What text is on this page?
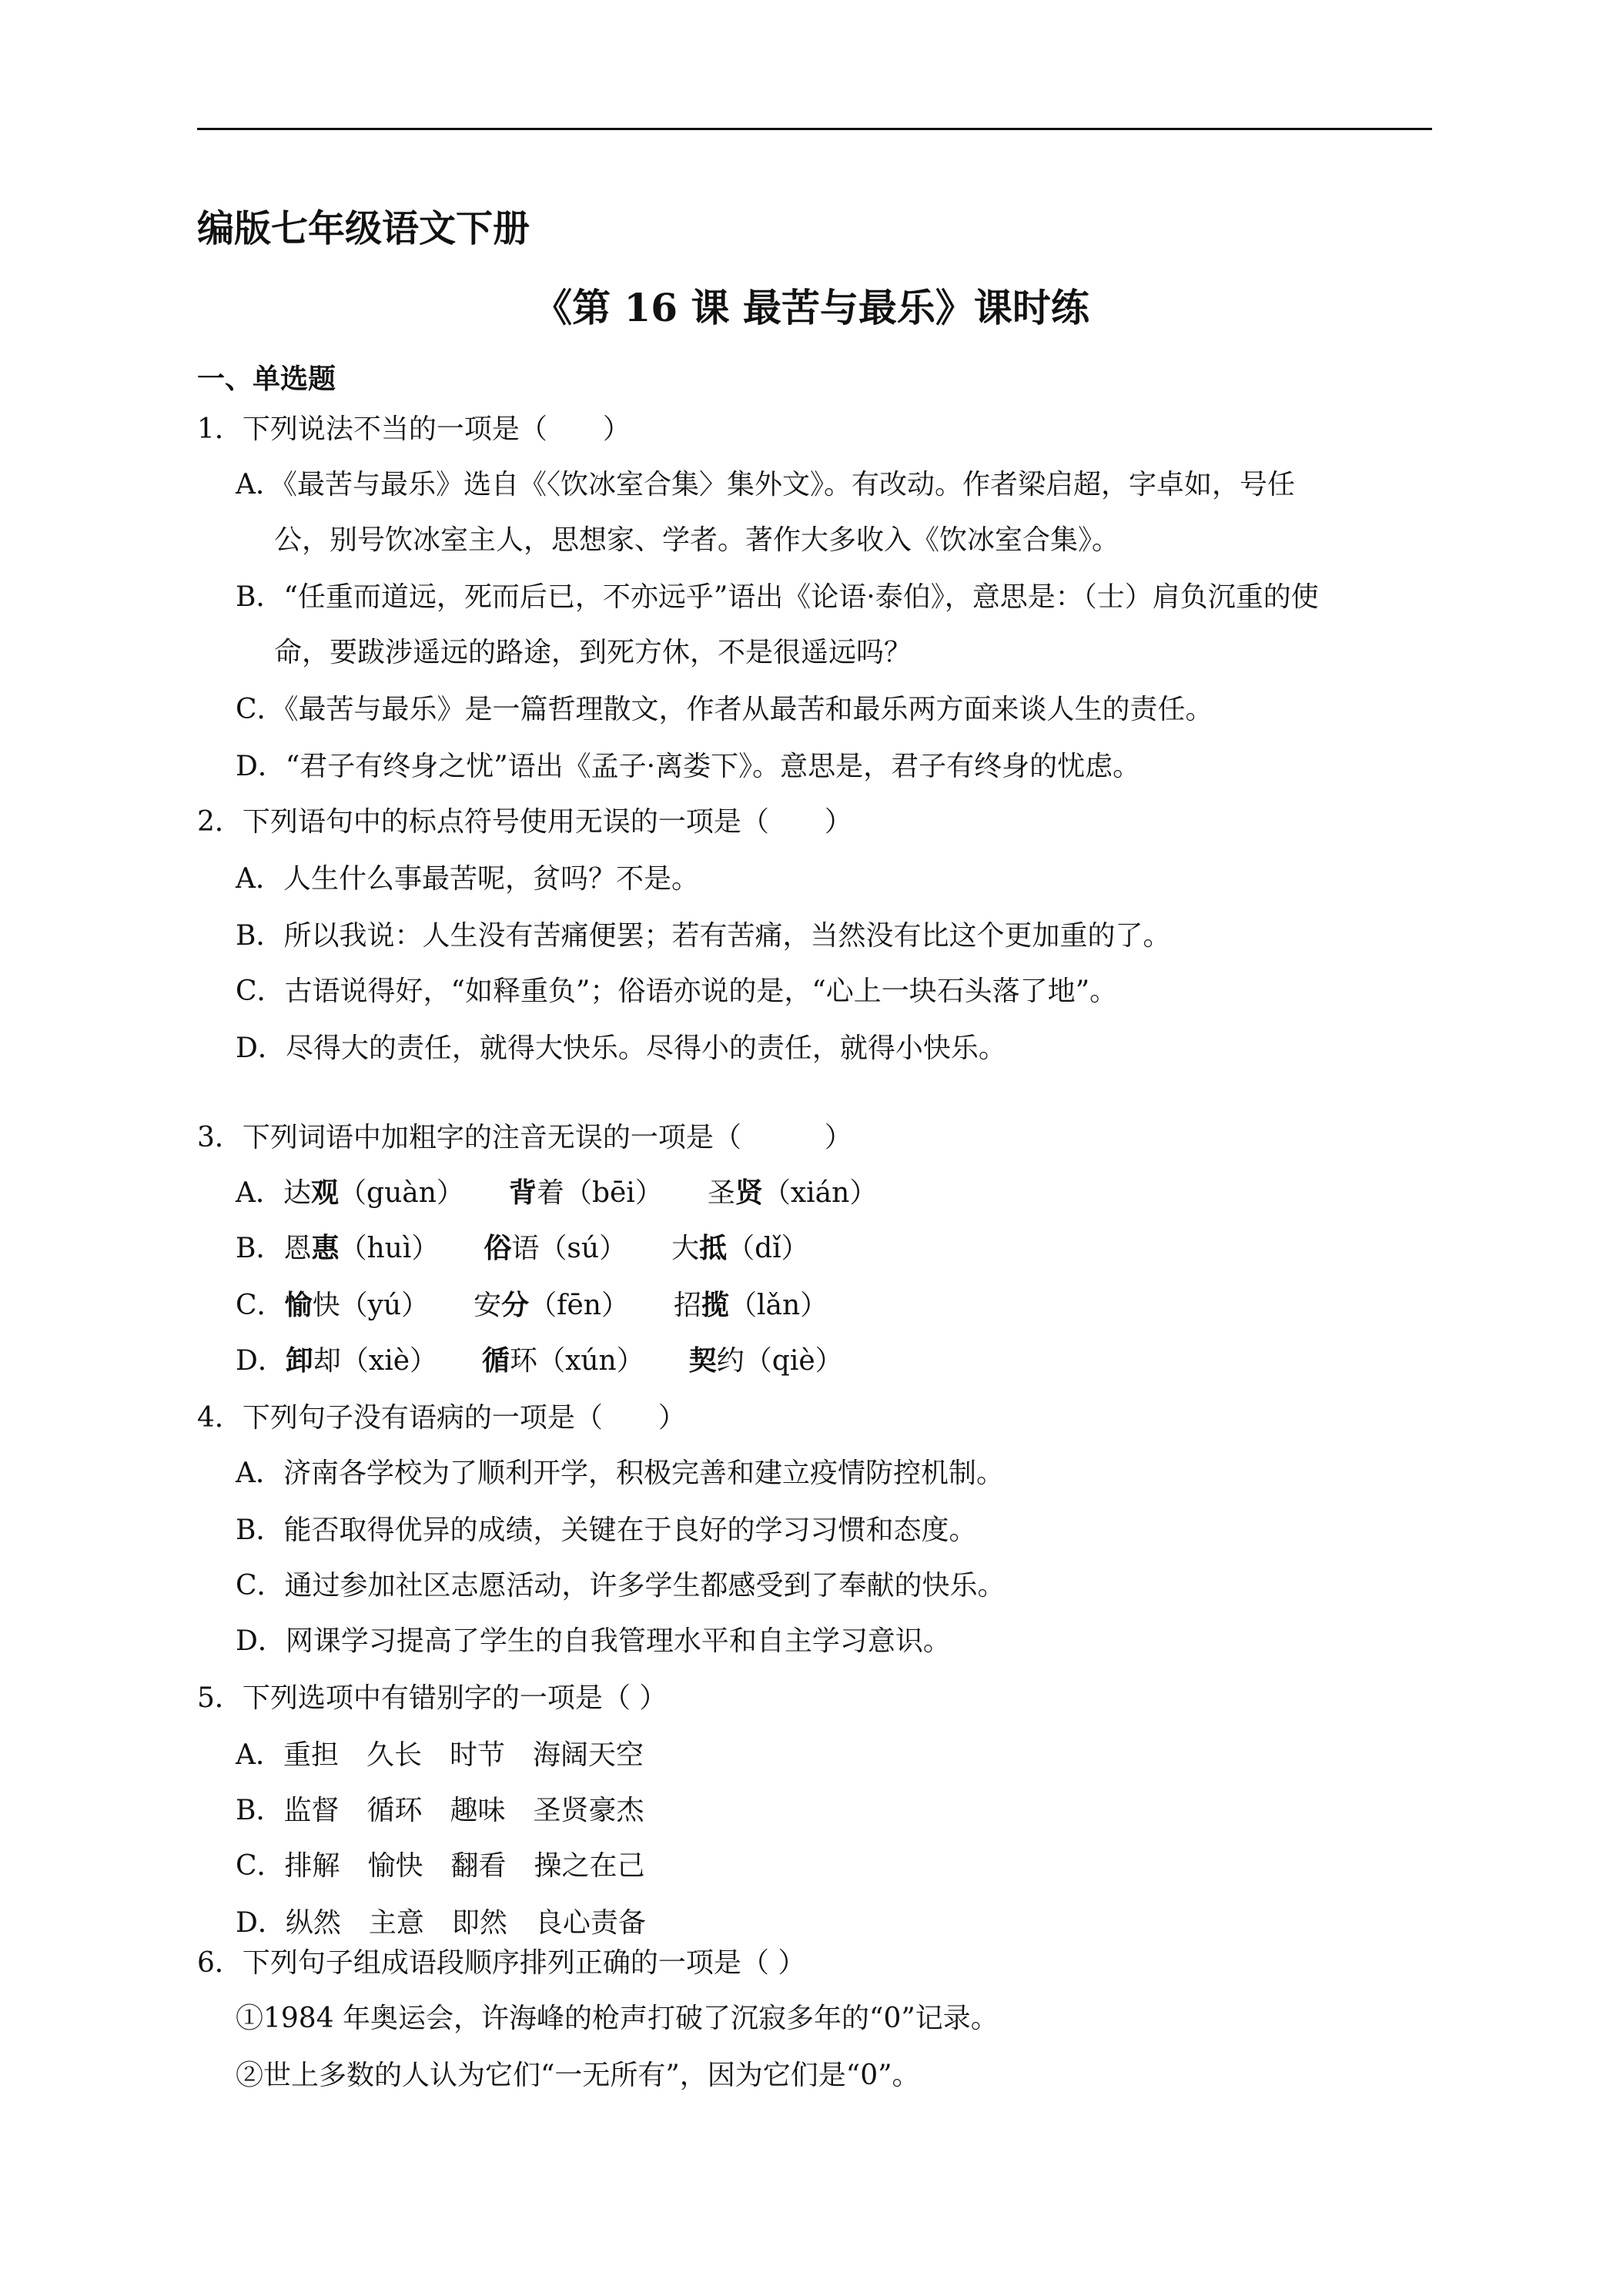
编版七年级语文下册
《第 16 课 最苦与最乐》课时练
一、单选题
1．下列说法不当的一项是（　　）
A．《最苦与最乐》选自《〈饮冰室合集〉集外文》。有改动。作者梁启超，字卓如，号任
公，别号饮冰室主人，思想家、学者。著作大多收入《饮冰室合集》。
B．“任重而道远，死而后已，不亦远乎”语出《论语·泰伯》，意思是：（士）肩负沉重的使
命，要跋涉遥远的路途，到死方休，不是很遥远吗？
C．《最苦与最乐》是一篇哲理散文，作者从最苦和最乐两方面来谈人生的责任。
D．“君子有终身之忧”语出《孟子·离娄下》。意思是，君子有终身的忧虑。
2．下列语句中的标点符号使用无误的一项是（　　）
A．人生什么事最苦呢，贫吗？不是。
B．所以我说：人生没有苦痛便罢；若有苦痛，当然没有比这个更加重的了。
C．古语说得好，“如释重负”；俗语亦说的是，“心上一块石头落了地”。
D．尽得大的责任，就得大快乐。尽得小的责任，就得小快乐。
3．下列词语中加粗字的注音无误的一项是（　　　）
A．达观（guàn） 背着（bēi） 圣贤（xián）
B．恩惠（huì） 俗语（sú） 大抵（dǐ）
C．愉快（yú） 安分（fēn） 招揽（lǎn）
D．卸却（xiè） 循环（xún） 契约（qiè）
4．下列句子没有语病的一项是（　　）
A．济南各学校为了顺利开学，积极完善和建立疫情防控机制。
B．能否取得优异的成绩，关键在于良好的学习习惯和态度。
C．通过参加社区志愿活动，许多学生都感受到了奉献的快乐。
D．网课学习提高了学生的自我管理水平和自主学习意识。
5．下列选项中有错别字的一项是（ ）
A．重担　久长　时节　海阔天空
B．监督　循环　趣味　圣贤豪杰
C．排解　愉快　翻看　操之在己
D．纵然　主意　即然　良心责备
6．下列句子组成语段顺序排列正确的一项是（ ）
①1984 年奥运会，许海峰的枪声打破了沉寂多年的“0”记录。
②世上多数的人认为它们“一无所有”，因为它们是“0”。
